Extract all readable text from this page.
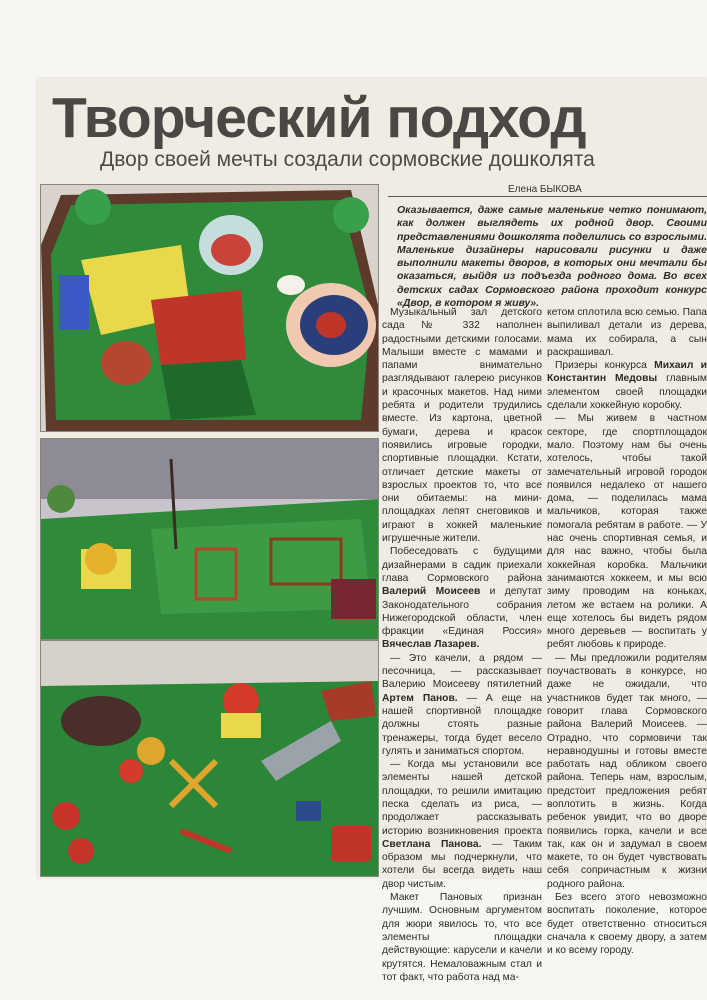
Творческий подход
Двор своей мечты создали сормовские дошколята
Елена БЫКОВА
Оказывается, даже самые маленькие четко понимают, как должен выглядеть их родной двор. Своими представлениями дошколята поделились со взрослыми. Маленькие дизайнеры нарисовали рисунки и даже выполнили макеты дворов, в которых они мечтали бы оказаться, выйдя из подъезда родного дома. Во всех детских садах Сормовского района проходит конкурс «Двор, в котором я живу».

Музыкальный зал детского сада № 332 наполнен радостными детскими голосами. Малыши вместе с мамами и папами внимательно разглядывают галерею рисунков и красочных макетов. Над ними ребята и родители трудились вместе. Из картона, цветной бумаги, дерева и красок появились игровые городки, спортивные площадки. Кстати, отличает детские макеты от взрослых проектов то, что все они обитаемы: на мини-площадках лепят снеговиков и играют в хоккей маленькие игрушечные жители.

Побеседовать с будущими дизайнерами в садик приехали глава Сормовского района Валерий Моисеев и депутат Законодательного собрания Нижегородской области, член фракции «Единая Россия» Вячеслав Лазарев.

— Это качели, а рядом — песочница, — рассказывает Валерию Моисееву пятилетний Артем Панов. — А еще на нашей спортивной площадке должны стоять разные тренажеры, тогда будет весело гулять и заниматься спортом.

— Когда мы установили все элементы нашей детской площадки, то решили имитацию песка сделать из риса, — продолжает рассказывать историю возникновения проекта Светлана Панова. — Таким образом мы подчеркнули, что хотели бы всегда видеть наш двор чистым.

Макет Пановых признан лучшим. Основным аргументом для жюри явилось то, что все элементы площадки действующие: карусели и качели крутятся. Немаловажным стал и тот факт, что работа над ма-

кетом сплотила всю семью. Папа выпиливал детали из дерева, мама их собирала, а сын раскрашивал.

Призеры конкурса Михаил и Константин Медовы главным элементом своей площадки сделали хоккейную коробку.

— Мы живем в частном секторе, где спортплощадок мало. Поэтому нам бы очень хотелось, чтобы такой замечательный игровой городок появился недалеко от нашего дома, — поделилась мама мальчиков, которая также помогала ребятам в работе. — У нас очень спортивная семья, и для нас важно, чтобы была хоккейная коробка. Мальчики занимаются хоккеем, и мы всю зиму проводим на коньках, летом же встаем на ролики. А еще хотелось бы видеть рядом много деревьев — воспитать у ребят любовь к природе.

— Мы предложили родителям поучаствовать в конкурсе, но даже не ожидали, что участников будет так много, — говорит глава Сормовского района Валерий Моисеев. — Отрадно, что сормовичи так неравнодушны и готовы вместе работать над обликом своего района. Теперь нам, взрослым, предстоит предложения ребят воплотить в жизнь. Когда ребенок увидит, что во дворе появились горка, качели и все так, как он и задумал в своем макете, то он будет чувствовать себя сопричастным к жизни родного района.

Без всего этого невозможно воспитать поколение, которое будет ответственно относиться сначала к своему двору, а затем и ко всему городу.
